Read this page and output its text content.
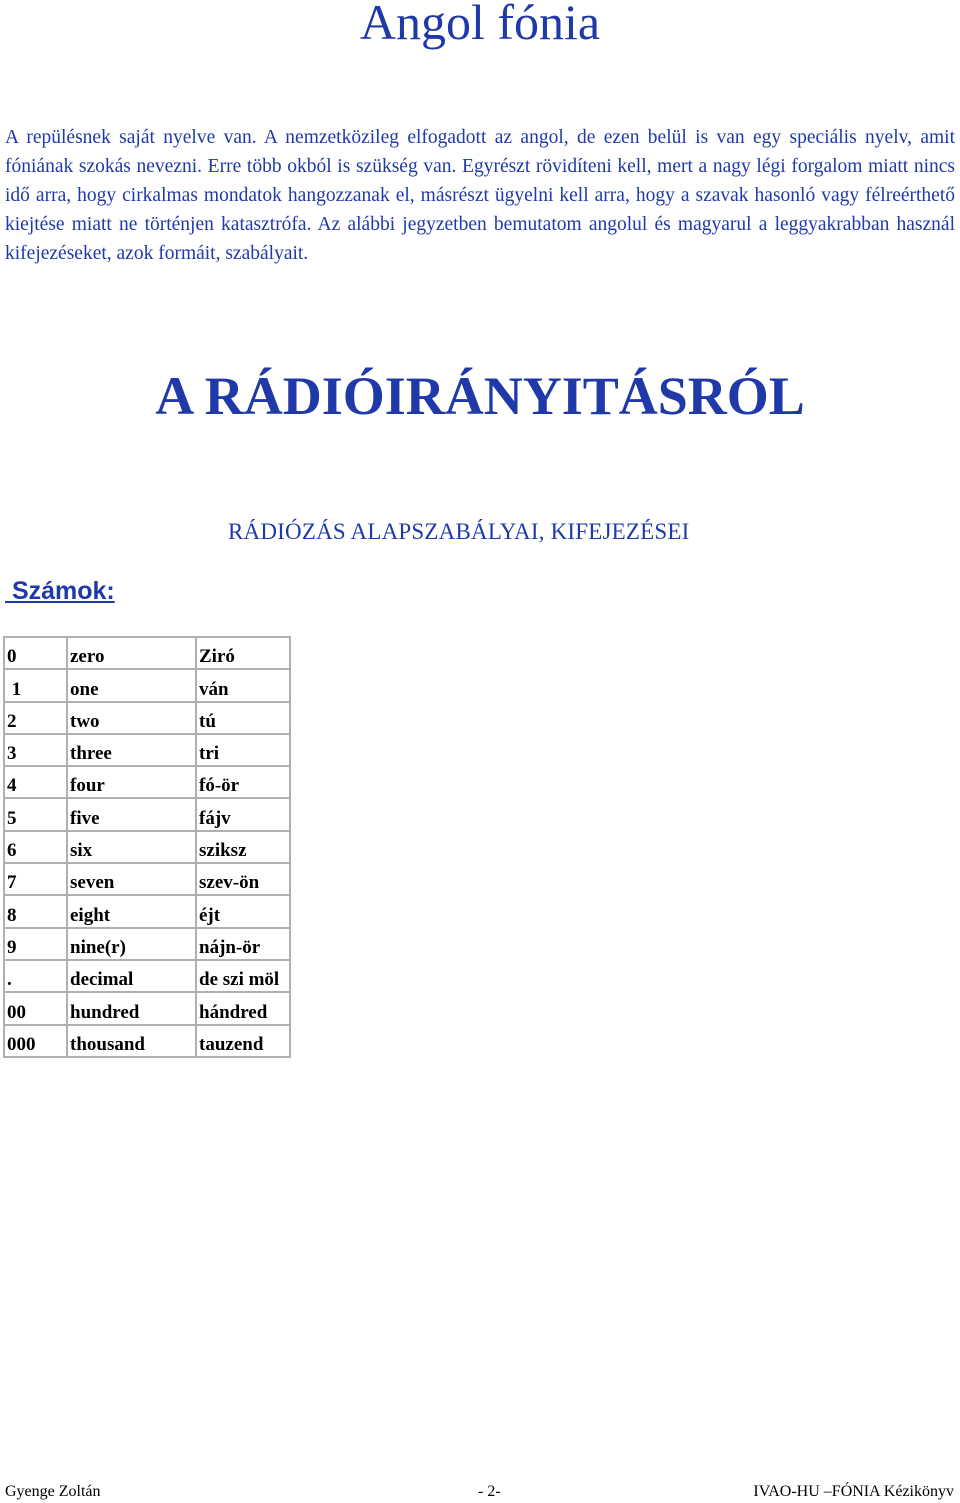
Angol fónia

A repülésnek saját nyelve van. A nemzetközileg elfogadott az angol, de ezen belül is van egy speciális nyelv, amit fóniának szokás nevezni. Erre több okból is szükség van. Egyrészt rövidíteni kell, mert a nagy légi forgalom miatt nincs idő arra, hogy cirkalmas mondatok hangozzanak el, másrészt ügyelni kell arra, hogy a szavak hasonló vagy félreérthető kiejtése miatt ne történjen katasztrófa. Az alábbi jegyzetben bemutatom angolul és magyarul a leggyakrabban használ kifejezéseket, azok formáit, szabályait.

A RÁDIÓIRÁNYITÁSRÓL
RÁDIÓZÁS ALAPSZABÁLYAI, KIFEJEZÉSEI
Számok:
0	zero	Ziró
1	one	ván
2	two	tú
3	three	tri
4	four	fó-ör
5	five	fájv
6	six	sziksz
7	seven	szev-ön
8	eight	éjt
9	nine(r)	nájn-ör
.	decimal	de szi möl
00	hundred	hándred
000	thousand	tauzend
Gyenge Zoltán	- 2-	IVAO-HU –FÓNIA Kézikönyv
